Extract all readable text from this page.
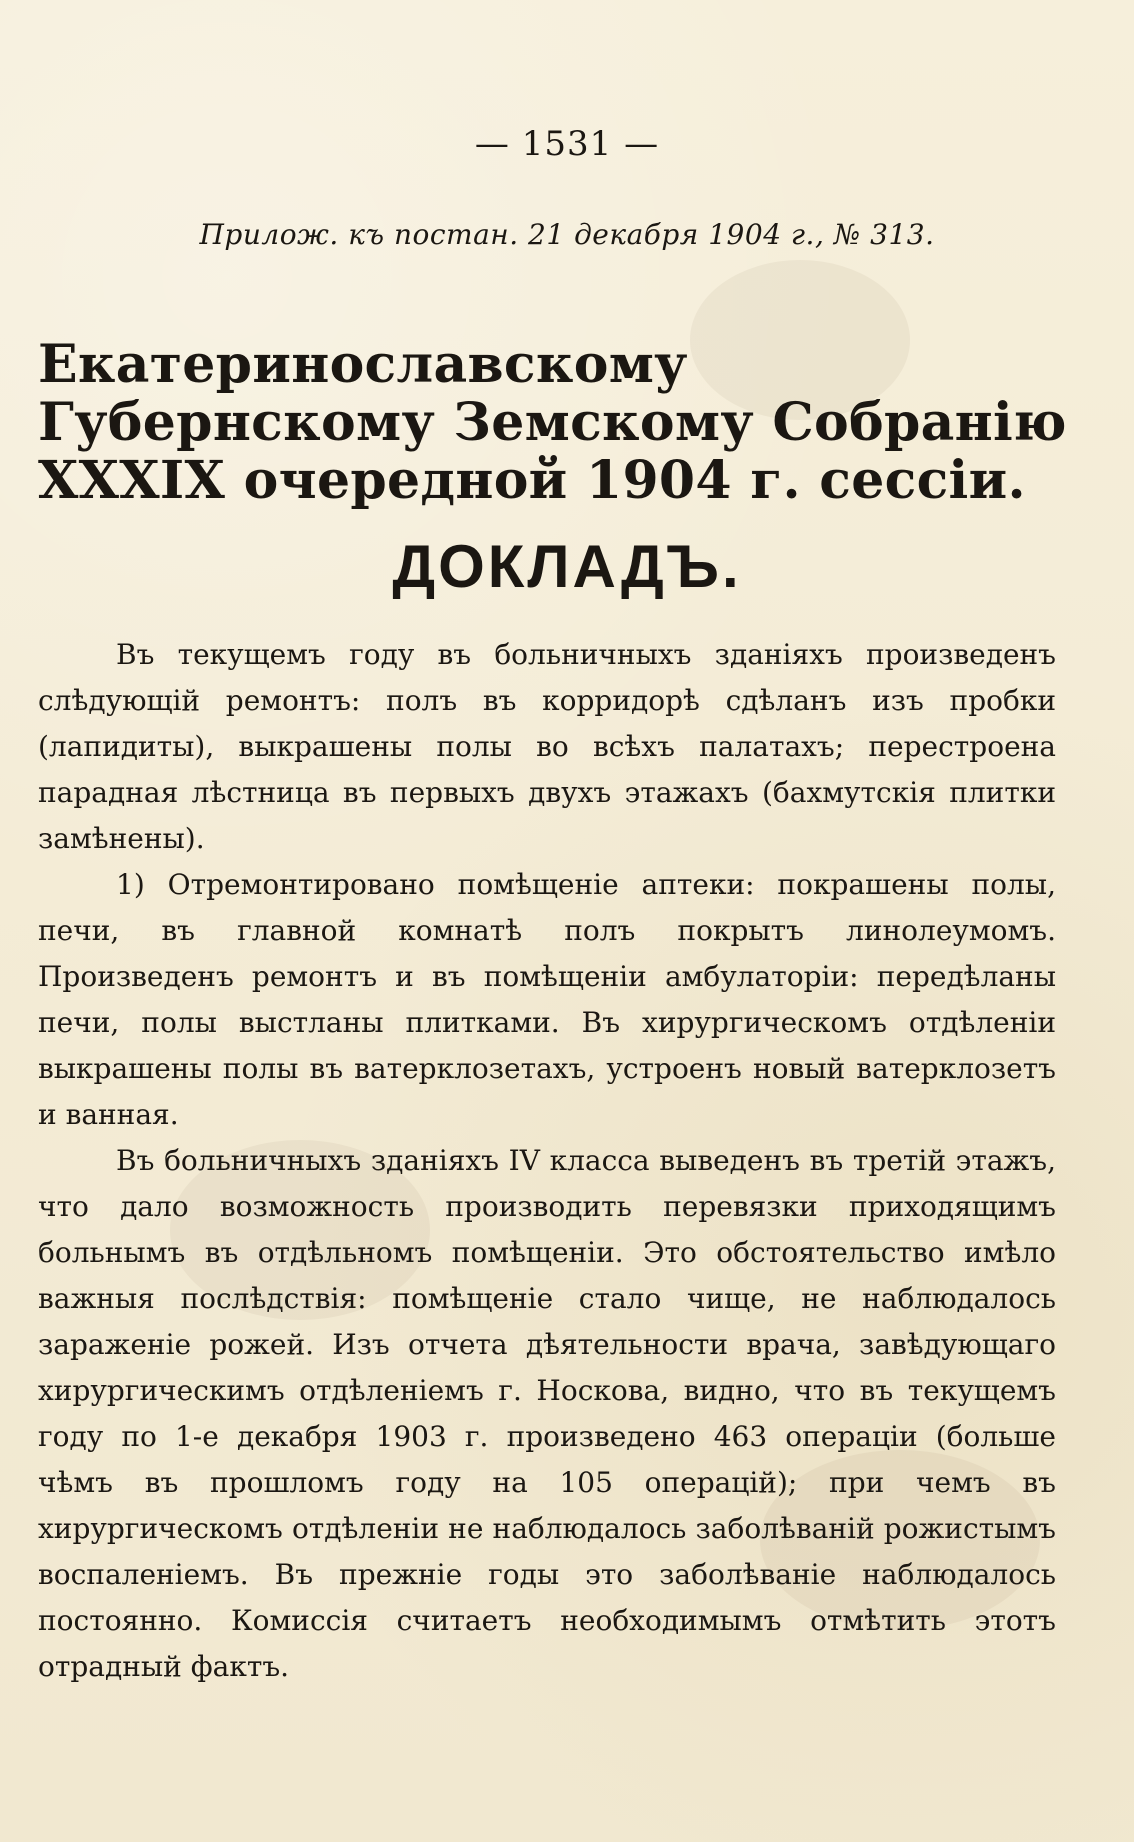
— 1531 —
Прилож. къ постан. 21 декабря 1904 г., № 313.
Екатеринославскому Губернскому Земскому Собранію XXXIX очередной 1904 г. сессіи.
ДОКЛАДЪ.

Въ текущемъ году въ больничныхъ зданіяхъ произведенъ слѣдующій ремонтъ: полъ въ корридорѣ сдѣланъ изъ пробки (лапидиты), выкрашены полы во всѣхъ палатахъ; перестроена парадная лѣстница въ первыхъ двухъ этажахъ (бахмутскія плитки замѣнены).

1) Отремонтировано помѣщеніе аптеки: покрашены полы, печи, въ главной комнатѣ полъ покрытъ линолеумомъ. Произведенъ ремонтъ и въ помѣщеніи амбулаторіи: передѣланы печи, полы выстланы плитками. Въ хирургическомъ отдѣленіи выкрашены полы въ ватерклозетахъ, устроенъ новый ватерклозетъ и ванная.

Въ больничныхъ зданіяхъ IV класса выведенъ въ третій этажъ, что дало возможность производить перевязки приходящимъ больнымъ въ отдѣльномъ помѣщеніи. Это обстоятельство имѣло важныя послѣдствія: помѣщеніе стало чище, не наблюдалось зараженіе рожей. Изъ отчета дѣятельности врача, завѣдующаго хирургическимъ отдѣленіемъ г. Носкова, видно, что въ текущемъ году по 1-е декабря 1903 г. произведено 463 операціи (больше чѣмъ въ прошломъ году на 105 операцій); при чемъ въ хирургическомъ отдѣленіи не наблюдалось заболѣваній рожистымъ воспаленіемъ. Въ прежніе годы это заболѣваніе наблюдалось постоянно. Комиссія считаетъ необходимымъ отмѣтить этотъ отрадный фактъ.
